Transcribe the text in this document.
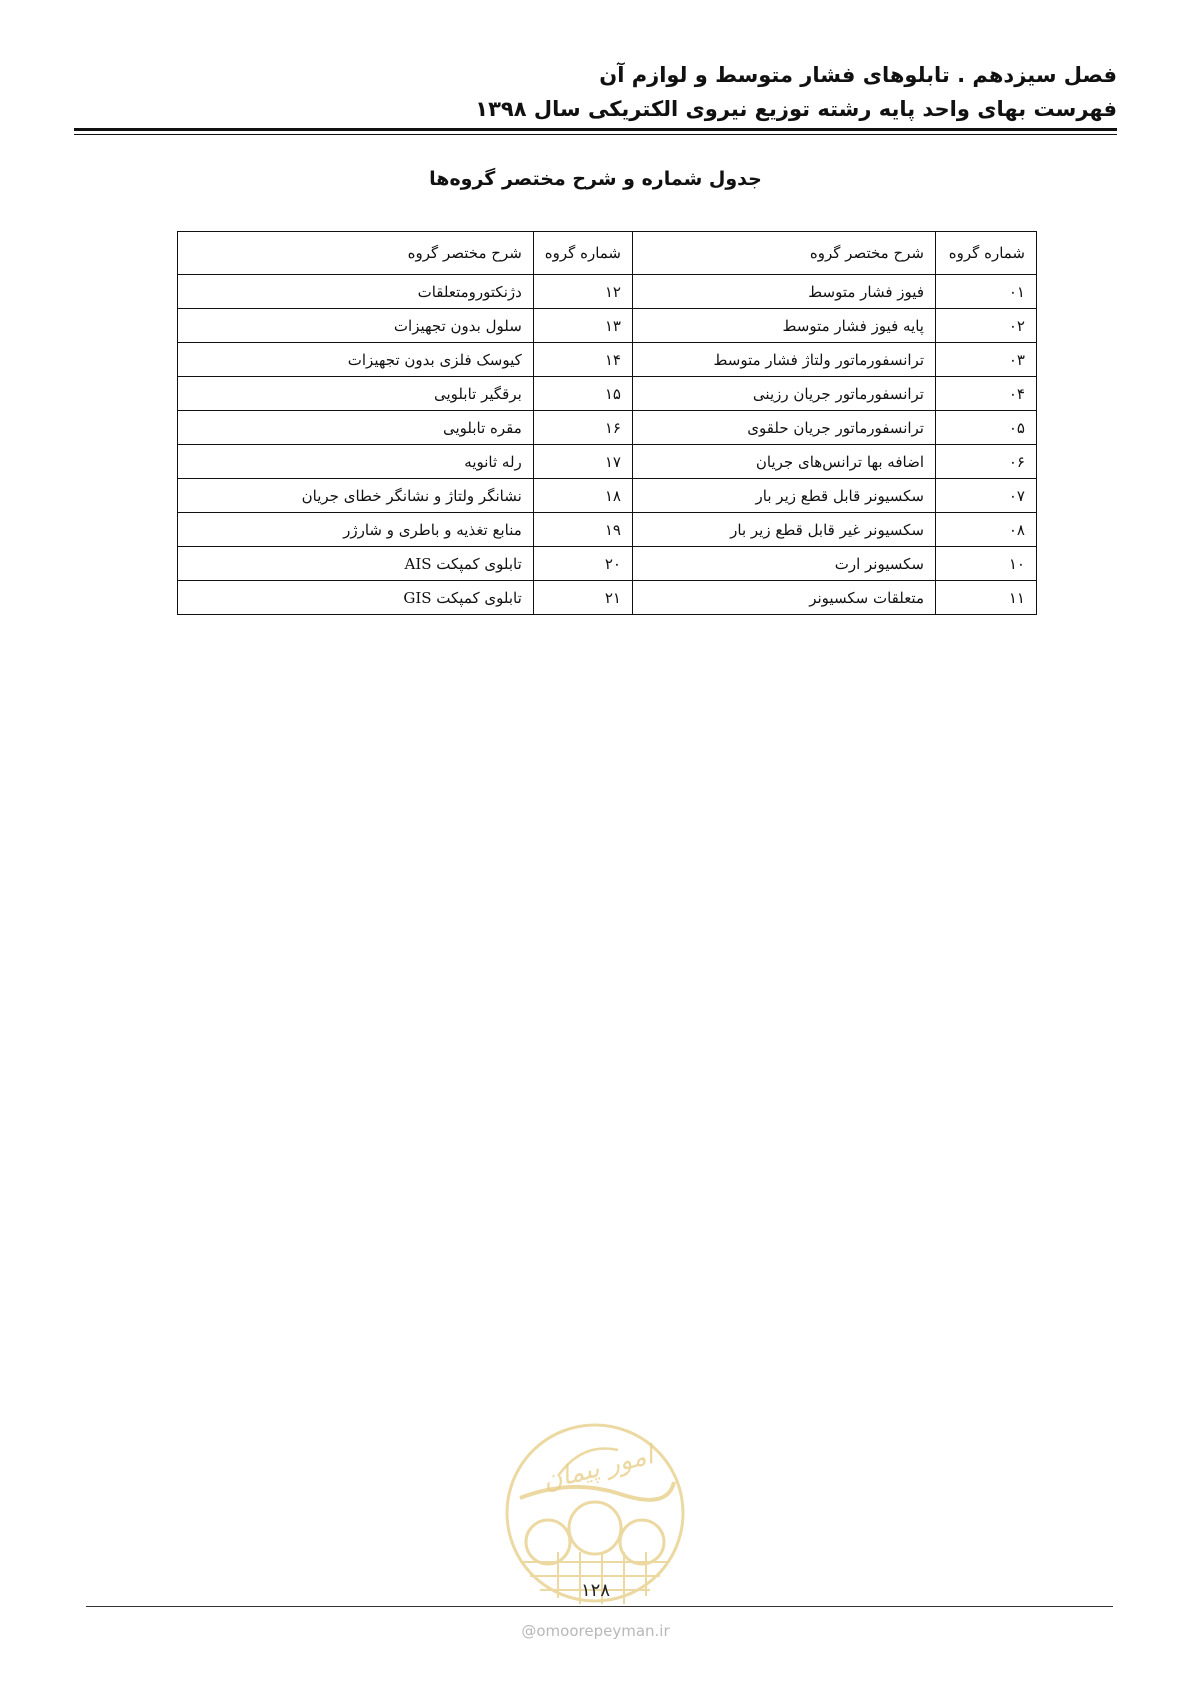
فصل سیزدهم . تابلوهای فشار متوسط و لوازم آن
فهرست بهای واحد پایه رشته توزیع نیروی الکتریکی سال ۱۳۹۸
جدول شماره و شرح مختصر گروه‌ها
شماره گروه	شرح مختصر گروه	شماره گروه	شرح مختصر گروه
۰۱	فیوز فشار متوسط	۱۲	دژنکتورومتعلقات
۰۲	پایه فیوز فشار متوسط	۱۳	سلول بدون تجهیزات
۰۳	ترانسفورماتور ولتاژ فشار متوسط	۱۴	کیوسک فلزی بدون تجهیزات
۰۴	ترانسفورماتور جریان رزینی	۱۵	برقگیر تابلویی
۰۵	ترانسفورماتور جریان حلقوی	۱۶	مقره تابلویی
۰۶	اضافه بها ترانس‌های جریان	۱۷	رله ثانویه
۰۷	سکسیونر قابل قطع زیر بار	۱۸	نشانگر ولتاژ و نشانگر خطای جریان
۰۸	سکسیونر غیر قابل قطع زیر بار	۱۹	منابع تغذیه و باطری و شارژر
۱۰	سکسیونر ارت	۲۰	تابلوی کمپکت AIS
۱۱	متعلقات سکسیونر	۲۱	تابلوی کمپکت GIS
امور پیمان
۱۲۸
@omoorepeyman.ir
